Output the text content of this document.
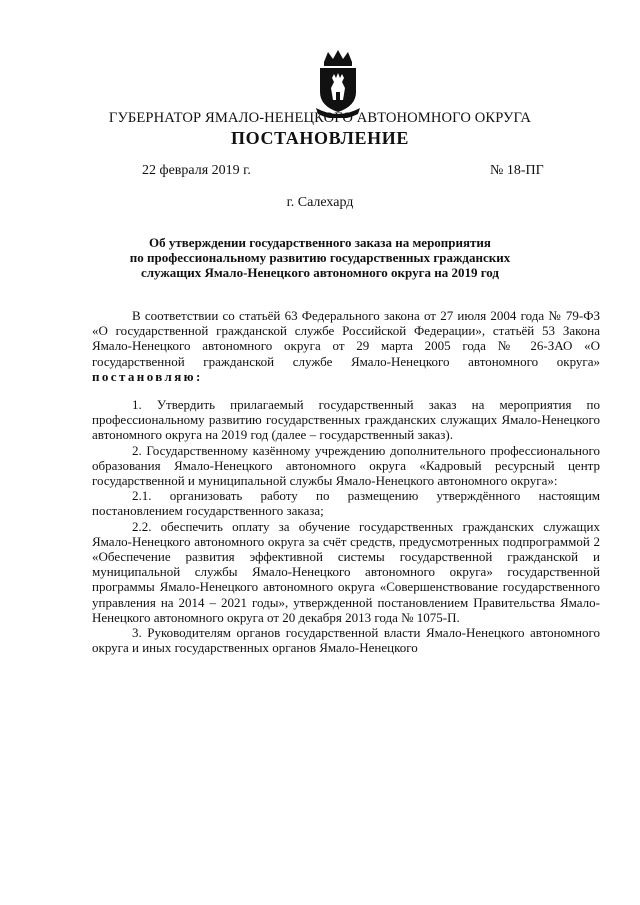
ГУБЕРНАТОР ЯМАЛО-НЕНЕЦКОГО АВТОНОМНОГО ОКРУГА
ПОСТАНОВЛЕНИЕ
22 февраля 2019 г.	№ 18-ПГ
г. Салехард
Об утверждении государственного заказа на мероприятия
по профессиональному развитию государственных гражданских
служащих Ямало-Ненецкого автономного округа на 2019 год

В соответствии со статьёй 63 Федерального закона от 27 июля 2004 года № 79-ФЗ «О государственной гражданской службе Российской Федерации», статьёй 53 Закона Ямало-Ненецкого автономного округа от 29 марта 2005 года № 26-ЗАО «О государственной гражданской службе Ямало-Ненецкого автономного округа» постановляю:

1. Утвердить прилагаемый государственный заказ на мероприятия по профессиональному развитию государственных гражданских служащих Ямало-Ненецкого автономного округа на 2019 год (далее – государственный заказ).

2. Государственному казённому учреждению дополнительного профессионального образования Ямало-Ненецкого автономного округа «Кадровый ресурсный центр государственной и муниципальной службы Ямало-Ненецкого автономного округа»:

2.1. организовать работу по размещению утверждённого настоящим постановлением государственного заказа;

2.2. обеспечить оплату за обучение государственных гражданских служащих Ямало-Ненецкого автономного округа за счёт средств, предусмотренных подпрограммой 2 «Обеспечение развития эффективной системы государственной гражданской и муниципальной службы Ямало-Ненецкого автономного округа» государственной программы Ямало-Ненецкого автономного округа «Совершенствование государственного управления на 2014 – 2021 годы», утвержденной постановлением Правительства Ямало-Ненецкого автономного округа от 20 декабря 2013 года № 1075-П.

3. Руководителям органов государственной власти Ямало-Ненецкого автономного округа и иных государственных органов Ямало-Ненецкого
